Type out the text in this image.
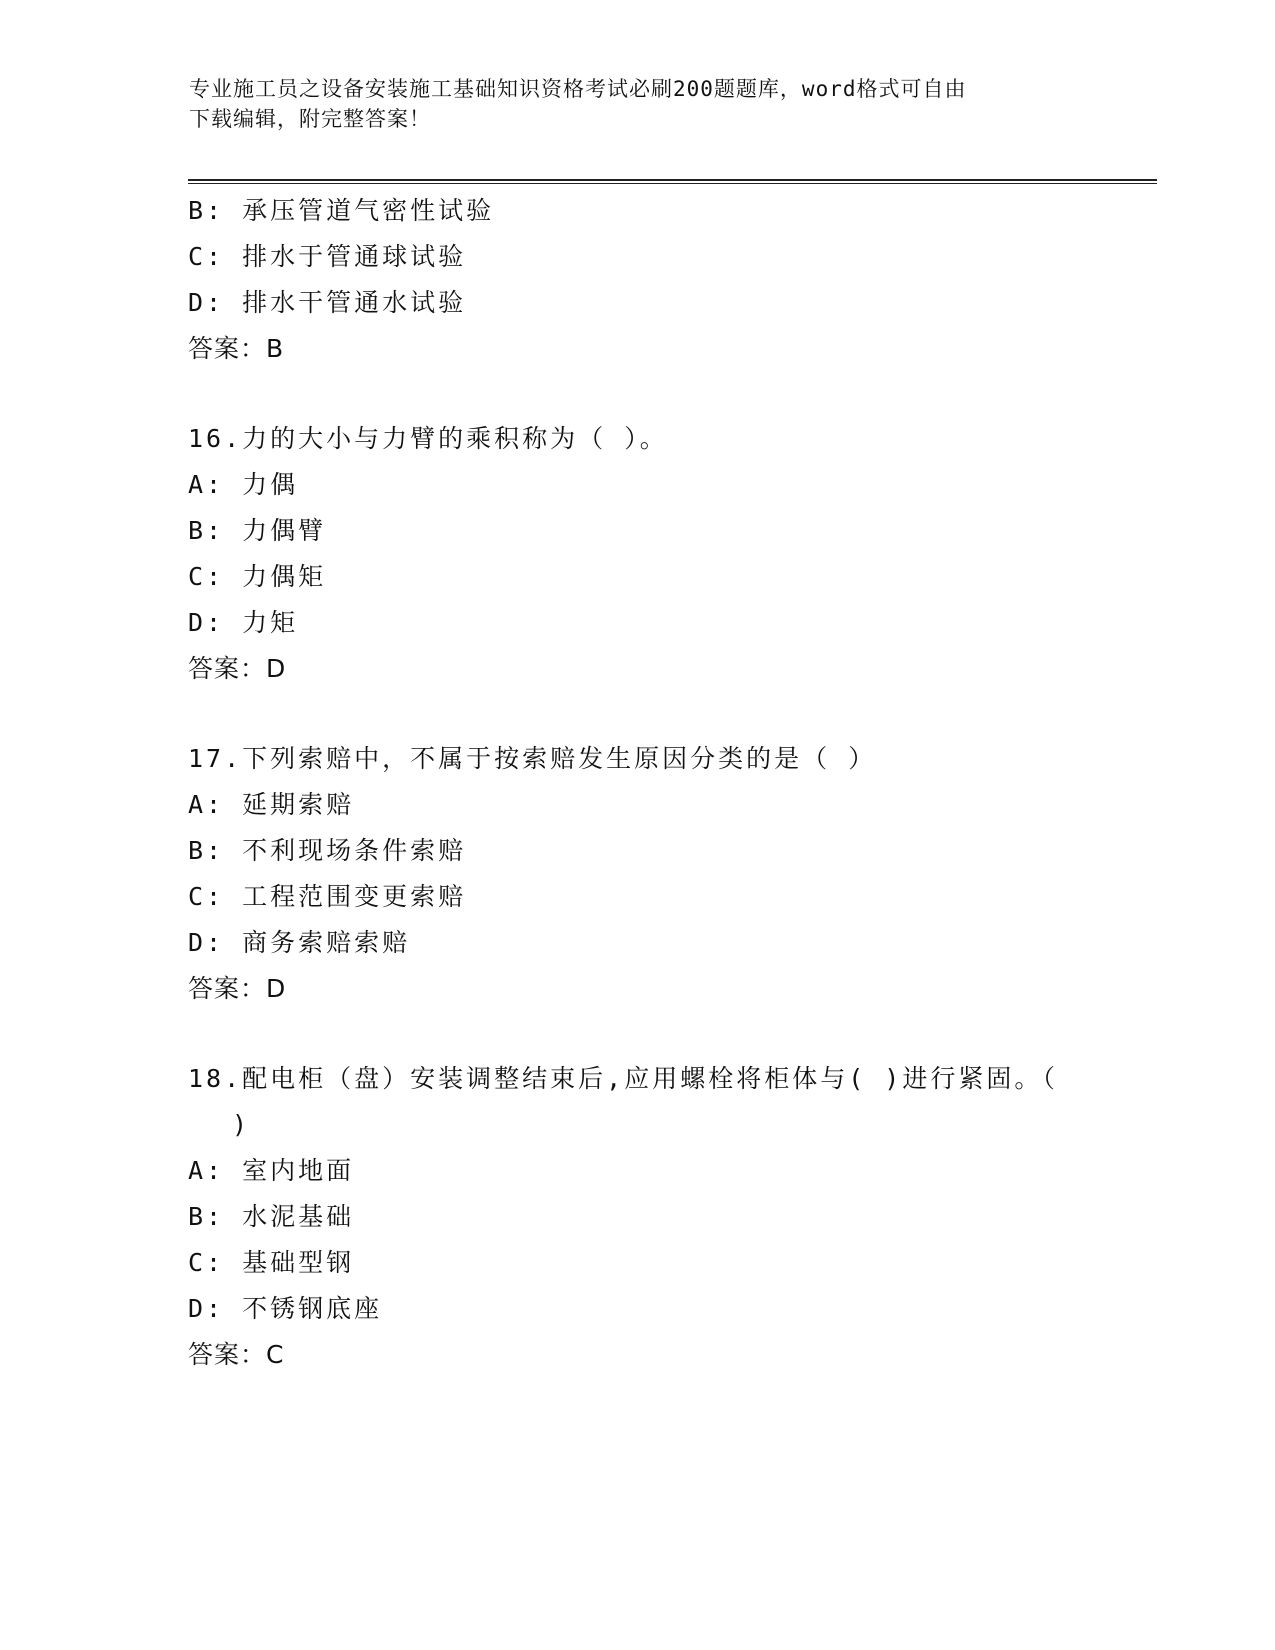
专业施工员之设备安装施工基础知识资格考试必刷200题题库，word格式可自由
下载编辑，附完整答案！
B: 承压管道气密性试验
C: 排水于管通球试验
D: 排水干管通水试验
答案：B
16.力的大小与力臂的乘积称为（ ）。
A: 力偶
B: 力偶臂
C: 力偶矩
D: 力矩
答案：D
17.下列索赔中，不属于按索赔发生原因分类的是（ ）
A: 延期索赔
B: 不利现场条件索赔
C: 工程范围变更索赔
D: 商务索赔索赔
答案：D
18.配电柜（盘）安装调整结束后,应用螺栓将柜体与( )进行紧固。（
)
A: 室内地面
B: 水泥基础
C: 基础型钢
D: 不锈钢底座
答案：C
